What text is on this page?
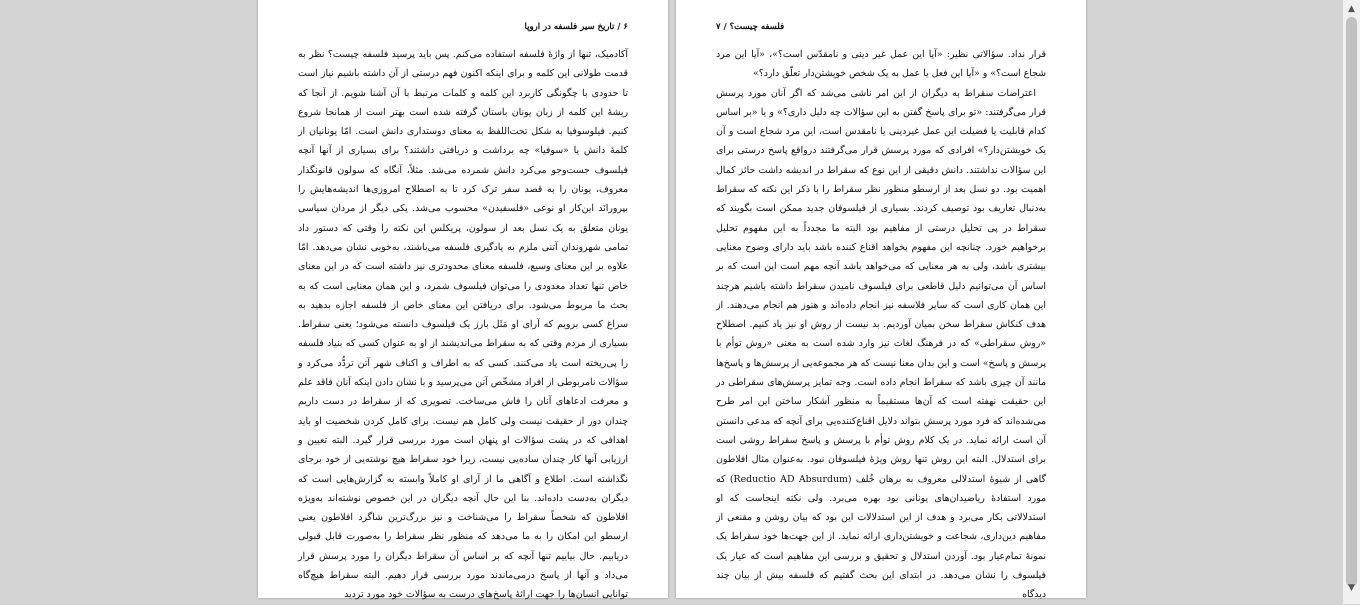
۶ / تاریخ سیر فلسفه در اروپا

آکادمیک، تنها از واژهٔ فلسفه استفاده می‌کنم. پس باید پرسید فلسفه چیست؟ نظر به قدمت طولانی این کلمه و برای اینکه اکنون فهم درستی از آن داشته باشیم نیاز است تا حدودی با چگونگی کاربرد این کلمه و کلمات مرتبط با آن آشنا شویم. از آنجا که ریشهٔ این کلمه از زبان یونان باستان گرفته شده است بهتر است از همانجا شروع کنیم. فیلوسوفیا به شکل تحت‌اللفظ به معنای دوستداری دانش است. امّا یونانیان از کلمهٔ دانش یا «سوفیا» چه برداشت و دریافتی داشتند؟ برای بسیاری از آنها آنچه فیلسوف جست‌وجو می‌کرد دانش شمرده می‌شد. مثلاً، آنگاه که سولون قانونگذار معروف، یونان را به قصد سفر ترک کرد تا به اصطلاح امروزی‌ها اندیشه‌هایش را بپرورانَد این‌کار او نوعی «فلسفیدن» محسوب می‌شد. یکی دیگر از مردان سیاسی یونان متعلق به یک نسل بعد از سولون، پریکلس این نکته را وقتی که دستور داد تمامی شهروندان آتنی ملزم به یادگیری فلسفه می‌باشند، به‌خوبی نشان می‌دهد. امّا علاوه بر این معنای وسیع، فلسفه معنای محدودتری نیز داشته است که در این معنای خاص تنها تعداد معدودی را می‌توان فیلسوف شمرد، و این همان معنایی است که به بحث ما مربوط می‌شود. برای دریافتن این معنای خاص از فلسفه اجازه بدهید به سراغ کسی برویم که آرای او مَثَل بارز یک فیلسوف دانسته می‌شود؛ یعنی سقراط. بسیاری از مردم وقتی که به سقراط می‌اندیشند از او به عنوان کسی که بنیاد فلسفه را پی‌ریخته است یاد می‌کنند. کسی که به اطراف و اکناف شهر آتن تردُّد می‌کرد و سؤالات نامربوطی از افراد مشخّص آتن می‌پرسید و با نشان دادن اینکه آنان فاقد علم و معرفت ادعاهای آنان را فاش می‌ساخت. تصویری که از سقراط در دست داریم چندان دور از حقیقت نیست ولی کامل هم نیست. برای کامل کردن شخصیت او باید اهدافی که در پشت سؤالات او پنهان است مورد بررسی قرار گیرد. البته تعیین و ارزیابی آنها کار چندان ساده‌یی نیست، زیرا خود سقراط هیچ نوشته‌یی از خود برجای نگذاشته است. اطلاع و آگاهی ما از آرای او کاملاً وابسته به گزارش‌هایی است که دیگران به‌دست داده‌اند. بنا این حال آنچه دیگران در این خصوص نوشته‌اند به‌ویژه افلاطون که شخصاً سقراط را می‌شناخت و نیز بزرگ‌ترین شاگرد افلاطون یعنی ارسطو این امکان را به ما می‌دهد که منظور نظر سقراط را به‌صورت قابل قبولی دریابیم. حال بیاییم تنها آنچه که بر اساس آن سقراط دیگران را مورد پرسش قرار می‌داد و آنها از پاسخ درمی‌ماندند مورد بررسی قرار دهیم. البته سقراط هیچ‌گاه توانایی انسان‌ها را جهت ارائهٔ پاسخ‌های درست به سؤالات خود مورد تردید

فلسفه چیست؟ / ۷

قرار نداد. سؤالاتی نظیر: «آیا این عمل غیر دینی و نامقدّس است؟»، «آیا این مرد شجاع است؟» و «آیا این فعل یا عمل به یک شخص خویشتن‌دار تعلّق دارد؟»

اعتراضات سقراط به دیگران از این امر ناشی می‌شد که اگر آنان مورد پرسش قرار می‌گرفتند: «تو برای پاسخ گفتن به این سؤالات چه دلیل داری؟» و یا «بر اساس کدام قابلیت یا فضیلت این عمل غیردینی یا نامقدس است، این مرد شجاع است و آن یک خویشتن‌دار؟» افرادی که مورد پرسش قرار می‌گرفتند درواقع پاسخ درستی برای این سؤالات نداشتند. دانش دقیقی از این نوع که سقراط در اندیشه داشت حائز کمال اهمیت بود. دو نسل بعد از ارسطو منظور نظر سقراط را با ذکر این نکته که سقراط به‌دنبال تعاریف بود توصیف کردند. بسیاری از فیلسوفان جدید ممکن است بگویند که سقراط در پی تحلیل درستی از مفاهیم بود البته ما مجدداً به این مفهوم تحلیل برخواهیم خورد. چنانچه این مفهوم بخواهد اقناع کننده باشد باید دارای وضوح معنایی بیشتری باشد، ولی به هر معنایی که می‌خواهد باشد آنچه مهم است این است که بر اساس آن می‌توانیم دلیل قاطعی برای فیلسوف نامیدن سقراط داشته باشیم هرچند این همان کاری است که سایر فلاسفه نیز انجام داده‌اند و هنوز هم انجام می‌دهند. از هدف کنکاش سقراط سخن بمیان آوردیم. بد نیست از روش او نیز یاد کنیم. اصطلاح «روش سقراطی» که در فرهنگ لغات نیز وارد شده است به معنی «روش توأم با پرسش و پاسخ» است و این بدان معنا نیست که هر مجموعه‌یی از پرسش‌ها و پاسخ‌ها مانند آن چیزی باشد که سقراط انجام داده است. وجه تمایز پرسش‌های سقراطی در این حقیقت نهفته است که آن‌ها مستقیماً به منظور آشکار ساختن این امر طرح می‌شده‌اند که فرد مورد پرسش بتواند دلایل اقناع‌کننده‌یی برای آنچه که مدعی دانستن آن است ارائه نماید. در یک کلام روش توأم با پرسش و پاسخ سقراط روشی است برای استدلال. البته این روش تنها روش ویژهٔ فیلسوفان نبود. به‌عنوان مثال افلاطون گاهی از شیوهٔ استدلالی معروف به برهان خُلف (Reductio AD Absurdum) که مورد استفادهٔ ریاضیدان‌های یونانی بود بهره می‌برد. ولی نکته اینجاست که او استدلالاتی بکار می‌برد و هدف از این استدلالات این بود که بیان روشن و مقنعی از مفاهیم دین‌داری، شجاعت و خویشتن‌داری ارائه نماید. از این جهت‌ها خود سقراط یک نمونهٔ تمام‌عیار بود. آوردن استدلال و تحقیق و بررسی این مفاهیم است که عیار یک فیلسوف را نشان می‌دهد. در ابتدای این بحث گفتیم که فلسفه بیش از بیان چند دیدگاه

▲
▼
